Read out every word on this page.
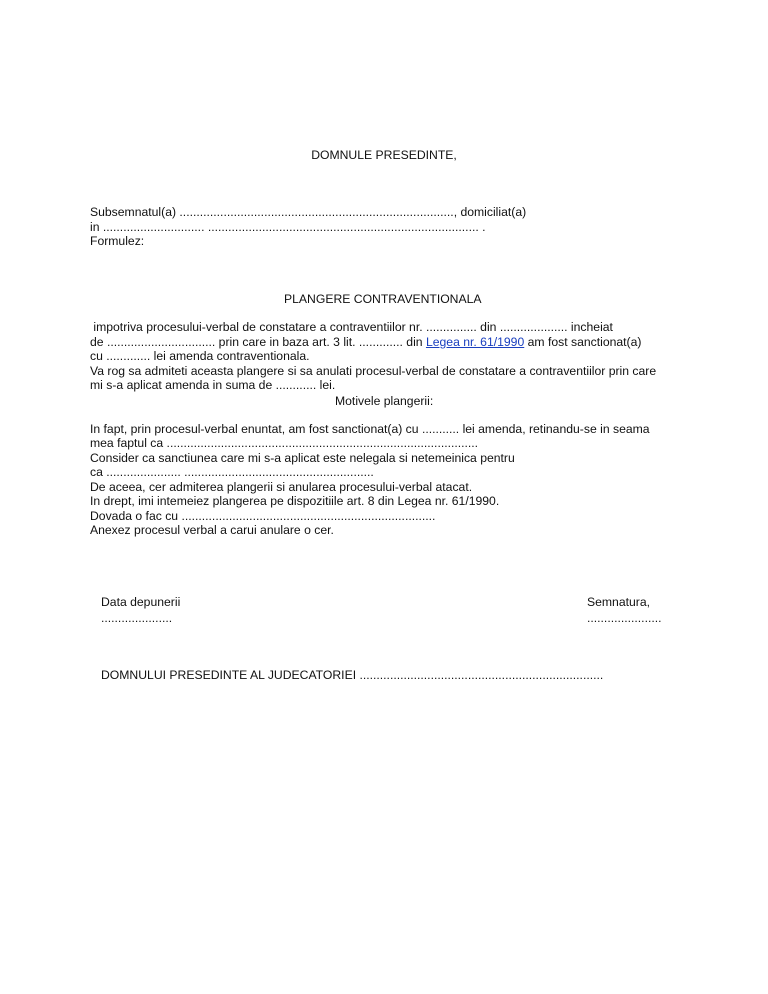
DOMNULE PRESEDINTE,
Subsemnatul(a) ................................................................................., domiciliat(a)
in .............................. ................................................................................ .
Formulez:
PLANGERE CONTRAVENTIONALA
impotriva procesului-verbal de constatare a contraventiilor nr. ............... din .................... incheiat
de ................................ prin care in baza art. 3 lit. ............. din Legea nr. 61/1990 am fost sanctionat(a)
cu ............. lei amenda contraventionala.
Va rog sa admiteti aceasta plangere si sa anulati procesul-verbal de constatare a contraventiilor prin care
mi s-a aplicat amenda in suma de ............ lei.
Motivele plangerii:
In fapt, prin procesul-verbal enuntat, am fost sanctionat(a) cu ........... lei amenda, retinandu-se in seama
mea faptul ca ............................................................................................
Consider ca sanctiunea care mi s-a aplicat este nelegala si netemeinica pentru
ca ...................... ........................................................
De aceea, cer admiterea plangerii si anularea procesului-verbal atacat.
In drept, imi intemeiez plangerea pe dispozitiile art. 8 din Legea nr. 61/1990.
Dovada o fac cu ...........................................................................
Anexez procesul verbal a carui anulare o cer.
Data depunerii
.....................
Semnatura,
......................
DOMNULUI PRESEDINTE AL JUDECATORIEI ........................................................................
